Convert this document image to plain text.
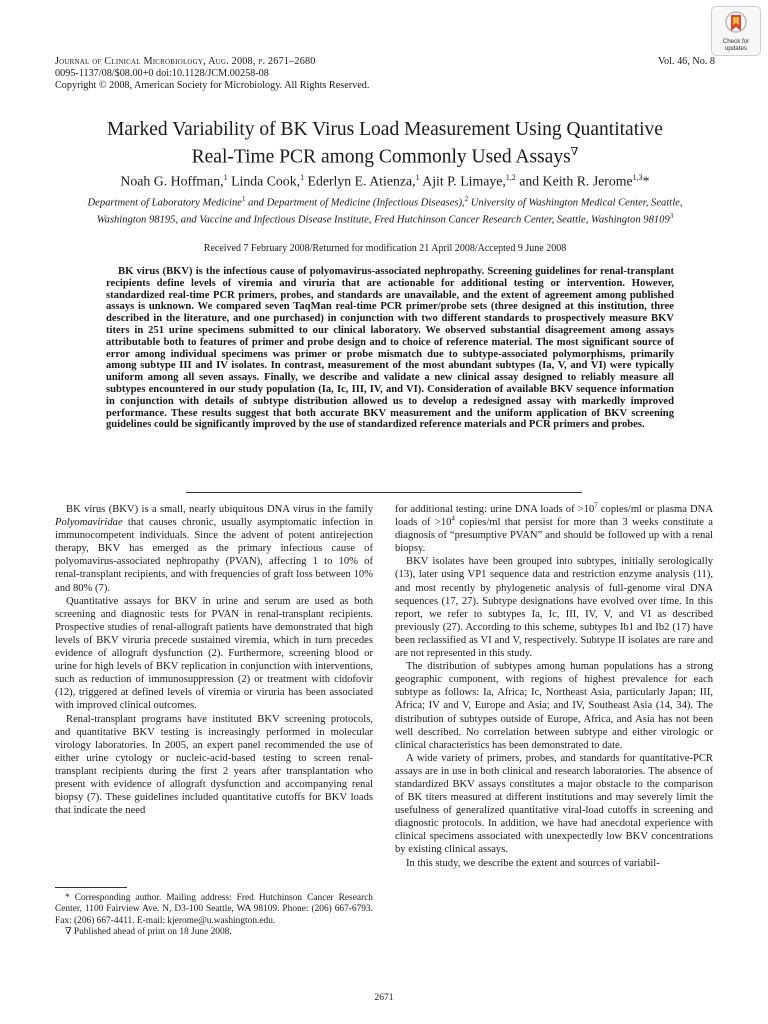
Journal of Clinical Microbiology, Aug. 2008, p. 2671–2680
0095-1137/08/$08.00+0 doi:10.1128/JCM.00258-08
Copyright © 2008, American Society for Microbiology. All Rights Reserved.
Vol. 46, No. 8
Check for
updates
Marked Variability of BK Virus Load Measurement Using Quantitative
Real-Time PCR among Commonly Used Assays∇
Noah G. Hoffman,$^1$ Linda Cook,$^1$ Ederlyn E. Atienza,$^1$ Ajit P. Limaye,$^{1,2}$ and Keith R. Jerome$^{1,3}$*
Department of Laboratory Medicine$^1$ and Department of Medicine (Infectious Diseases),$^2$ University of Washington Medical Center, Seattle, Washington 98195, and Vaccine and Infectious Disease Institute, Fred Hutchinson Cancer Research Center, Seattle, Washington 98109$^3$
Received 7 February 2008/Returned for modification 21 April 2008/Accepted 9 June 2008
BK virus (BKV) is the infectious cause of polyomavirus-associated nephropathy. Screening guidelines for renal-transplant recipients define levels of viremia and viruria that are actionable for additional testing or intervention. However, standardized real-time PCR primers, probes, and standards are unavailable, and the extent of agreement among published assays is unknown. We compared seven TaqMan real-time PCR primer/probe sets (three designed at this institution, three described in the literature, and one purchased) in conjunction with two different standards to prospectively measure BKV titers in 251 urine specimens submitted to our clinical laboratory. We observed substantial disagreement among assays attributable both to features of primer and probe design and to choice of reference material. The most significant source of error among individual specimens was primer or probe mismatch due to subtype-associated polymorphisms, primarily among subtype III and IV isolates. In contrast, measurement of the most abundant subtypes (Ia, V, and VI) were typically uniform among all seven assays. Finally, we describe and validate a new clinical assay designed to reliably measure all subtypes encountered in our study population (Ia, Ic, III, IV, and VI). Consideration of available BKV sequence information in conjunction with details of subtype distribution allowed us to develop a redesigned assay with markedly improved performance. These results suggest that both accurate BKV measurement and the uniform application of BKV screening guidelines could be significantly improved by the use of standardized reference materials and PCR primers and probes.

BK virus (BKV) is a small, nearly ubiquitous DNA virus in the family Polyomaviridae that causes chronic, usually asymptomatic infection in immunocompetent individuals. Since the advent of potent antirejection therapy, BKV has emerged as the primary infectious cause of polyomavirus-associated nephropathy (PVAN), affecting 1 to 10% of renal-transplant recipients, and with frequencies of graft loss between 10% and 80% (7).

Quantitative assays for BKV in urine and serum are used as both screening and diagnostic tests for PVAN in renal-transplant recipients. Prospective studies of renal-allograft patients have demonstrated that high levels of BKV viruria precede sustained viremia, which in turn precedes evidence of allograft dysfunction (2). Furthermore, screening blood or urine for high levels of BKV replication in conjunction with interventions, such as reduction of immunosuppression (2) or treatment with cidofovir (12), triggered at defined levels of viremia or viruria has been associated with improved clinical outcomes.

Renal-transplant programs have instituted BKV screening protocols, and quantitative BKV testing is increasingly performed in molecular virology laboratories. In 2005, an expert panel recommended the use of either urine cytology or nucleic-acid-based testing to screen renal-transplant recipients during the first 2 years after transplantation who present with evidence of allograft dysfunction and accompanying renal biopsy (7). These guidelines included quantitative cutoffs for BKV loads that indicate the need

* Corresponding author. Mailing address: Fred Hutchinson Cancer Research Center, 1100 Fairview Ave. N, D3-100 Seattle, WA 98109. Phone: (206) 667-6793. Fax: (206) 667-4411. E-mail: kjerome@u.washington.edu.

∇ Published ahead of print on 18 June 2008.

for additional testing: urine DNA loads of $>10^7$ copies/ml or plasma DNA loads of $>10^4$ copies/ml that persist for more than 3 weeks constitute a diagnosis of “presumptive PVAN” and should be followed up with a renal biopsy.

BKV isolates have been grouped into subtypes, initially serologically (13), later using VP1 sequence data and restriction enzyme analysis (11), and most recently by phylogenetic analysis of full-genome viral DNA sequences (17, 27). Subtype designations have evolved over time. In this report, we refer to subtypes Ia, Ic, III, IV, V, and VI as described previously (27). According to this scheme, subtypes Ib1 and Ib2 (17) have been reclassified as VI and V, respectively. Subtype II isolates are rare and are not represented in this study.

The distribution of subtypes among human populations has a strong geographic component, with regions of highest prevalence for each subtype as follows: Ia, Africa; Ic, Northeast Asia, particularly Japan; III, Africa; IV and V, Europe and Asia; and IV, Southeast Asia (14, 34). The distribution of subtypes outside of Europe, Africa, and Asia has not been well described. No correlation between subtype and either virologic or clinical characteristics has been demonstrated to date.

A wide variety of primers, probes, and standards for quantitative-PCR assays are in use in both clinical and research laboratories. The absence of standardized BKV assays constitutes a major obstacle to the comparison of BK titers measured at different institutions and may severely limit the usefulness of generalized quantitative viral-load cutoffs in screening and diagnostic protocols. In addition, we have had anecdotal experience with clinical specimens associated with unexpectedly low BKV concentrations by existing clinical assays.

In this study, we describe the extent and sources of variabil-

2671
